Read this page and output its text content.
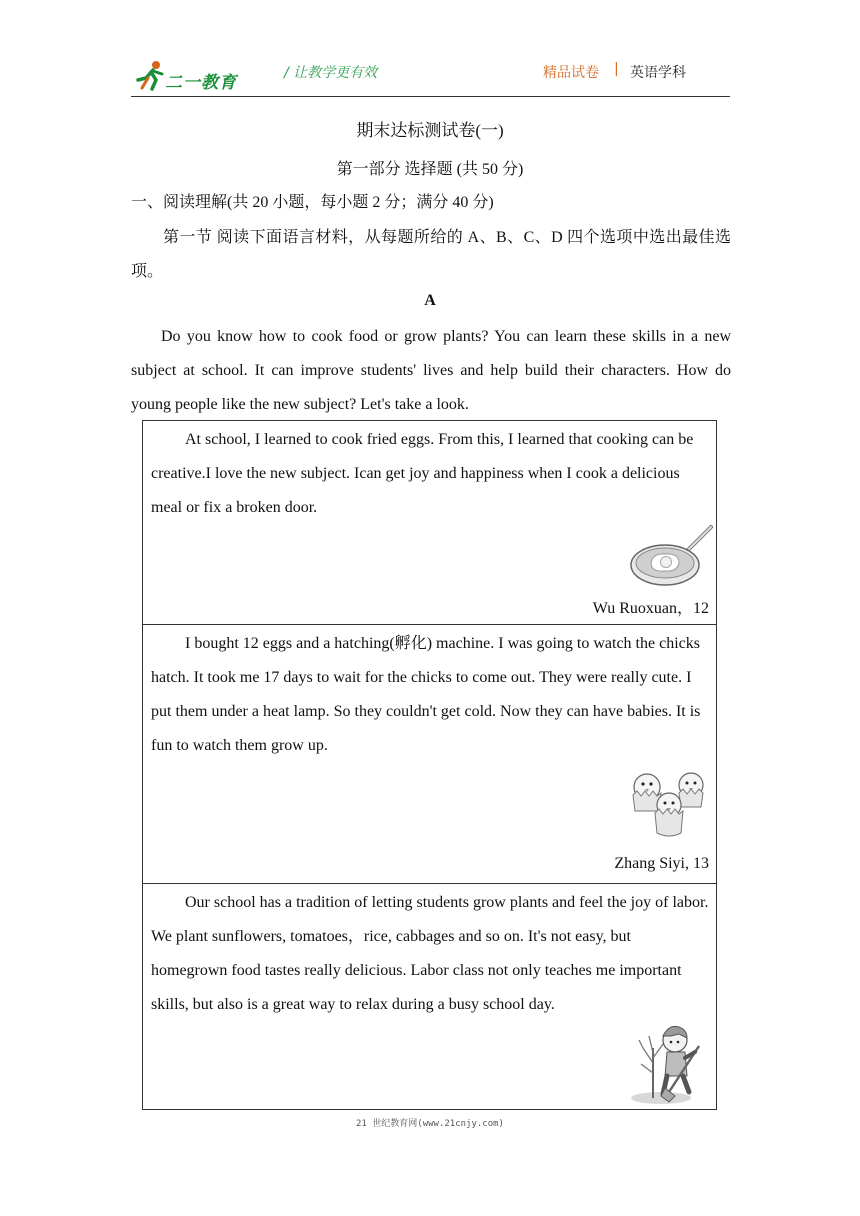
二一教育	/ 让教学更有效	精品试卷 | 英语学科
期末达标测试卷(一)
第一部分 选择题 (共 50 分)
一、阅读理解(共 20 小题，每小题 2 分；满分 40 分)
第一节 阅读下面语言材料，从每题所给的 A、B、C、D 四个选项中选出最佳选项。
A
Do you know how to cook food or grow plants? You can learn these skills in a new subject at school. It can improve students' lives and help build their characters. How do young people like the new subject? Let's take a look.
At school, I learned to cook fried eggs. From this, I learned that cooking can be creative.I love the new subject. Ican get joy and happiness when I cook a delicious meal or fix a broken door.
Wu Ruoxuan，12
I bought 12 eggs and a hatching(孵化) machine. I was going to watch the chicks hatch. It took me 17 days to wait for the chicks to come out. They were really cute. I put them under a heat lamp. So they couldn't get cold. Now they can have babies. It is fun to watch them grow up.
Zhang Siyi, 13
Our school has a tradition of letting students grow plants and feel the joy of labor. We plant sunflowers, tomatoes，rice, cabbages and so on. It's not easy, but homegrown food tastes really delicious. Labor class not only teaches me important skills, but also is a great way to relax during a busy school day.
21 世纪教育网(www.21cnjy.com)
